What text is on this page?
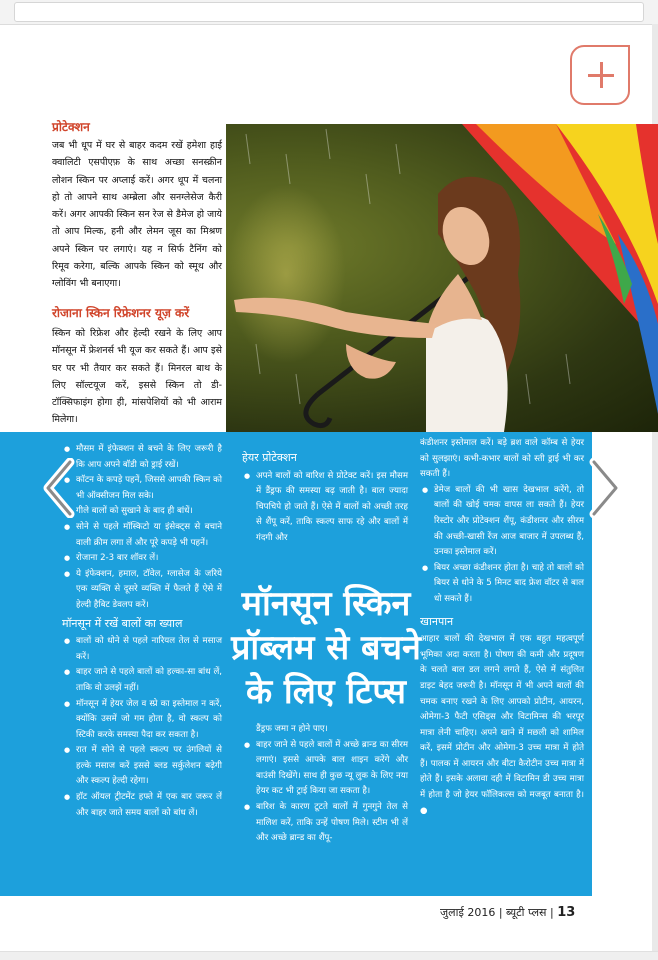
प्रोटेक्शन
जब भी धूप में घर से बाहर कदम रखें हमेशा हाई क्वालिटी एसपीएफ़ के साथ अच्छा सनस्क्रीन लोशन स्किन पर अप्लाई करें। अगर धूप में चलना हो तो आपने साथ अम्ब्रेला और सनग्लेसेज कैरी करें। अगर आपकी स्किन सन रेज से डैमेज हो जाये तो आप मिल्क, हनी और लेमन जूस का मिश्रण अपने स्किन पर लगाएं। यह न सिर्फ टैनिंग को रिमूव करेगा, बल्कि आपके स्किन को स्मूथ और ग्लोविंग भी बनाएगा।
रोजाना स्किन रिफ्रेशनर यूज़ करें
स्किन को रिफ्रेश और हेल्दी रखने के लिए आप मॉनसून में फ्रेशनर्स भी यूज कर सकते हैं। आप इसे घर पर भी तैयार कर सकते हैं। मिनरल बाथ के लिए सॉल्टयूज करें, इससे स्किन तो डी-टॉक्सिफाइंग होगा ही, मांसपेशियों को भी आराम मिलेगा।
● मौसम में इंफेक्शन से बचने के लिए जरूरी है कि आप अपने बॉडी को ड्राई रखें।
● कॉटन के कपड़े पहनें, जिससे आपकी स्किन को भी ऑक्सीजन मिल सके।
● गीले बालों को सुखाने के बाद ही बांधें।
● सोने से पहले मॉस्किटो या इंसेक्ट्स से बचाने वाली क्रीम लगा लें और पूरे कपड़े भी पहनें।
● रोजाना 2-3 बार शॉवर लें।
● ये इंफेक्शन, हमाल, टॉवेल, ग्लासेज के जरिये एक व्यक्ति से दूसरे व्यक्ति में फैलते हैं ऐसे में हेल्दी हैबिट डेवलप करें।
मॉनसून में रखें बालों का ख्याल
● बालों को धोने से पहले नारियल तेल से मसाज करें।
● बाहर जाने से पहले बालों को हल्का-सा बांध लें, ताकि वो उलझें नहीं।
● मॉनसून में हेयर जेल व स्प्रे का इस्तेमाल न करें, क्योंकि उसमें जो गम होता है, वो स्कल्प को स्टिकी करके समस्या पैदा कर सकता है।
● रात में सोने से पहले स्कल्प पर उंगलियों से हल्के मसाज करें इससे ब्लड सर्कुलेशन बढ़ेगी और स्कल्प हेल्दी रहेगा।
● हॉट ऑयल ट्रीटमेंट हफ्ते में एक बार जरूर लें और बाहर जाते समय बालों को बांध लें।
हेयर प्रोटेक्शन
● अपने बालों को बारिश से प्रोटेक्ट करें। इस मौसम में डैंड्रफ की समस्या बढ़ जाती है। बाल ज्यादा चिपचिपे हो जाते हैं। ऐसे में बालों को अच्छी तरह से शैंपू करें, ताकि स्कल्प साफ रहे और बालों में गंदगी और
मॉनसून स्किन प्रॉब्लम से बचने के लिए टिप्स

डैंड्रफ जमा न होने पाए।

● बाहर जाने से पहले बालों में अच्छे ब्रान्ड का सीरम लगाएं। इससे आपके बाल शाइन करेंगे और बाउंसी दिखेंगे। साथ ही कुछ न्यू लुक के लिए नया हेयर कट भी ट्राई किया जा सकता है।
● बारिश के कारण टूटते बालों में गुनगुने तेल से मालिश करें, ताकि उन्हें पोषण मिले। स्टीम भी लें और अच्छे ब्रान्ड का शैंपू-

कंडीशनर इस्तेमाल करें। बड़े ब्रश वाले कॉम्ब से हेयर को सुलझाएं। कभी-कभार बालों को स्ती ड्राई भी कर सकती हैं।

● डेमेज बालों की भी खास देखभाल करेंगे, तो बालों की खोई चमक वापस ला सकते हैं। हेयर रिस्टोर और प्रोटेक्शन शैंपू, कंडीशनर और सीरम की अच्छी-खासी रेंज आज बाजार में उपलब्ध हैं, उनका इस्तेमाल करें।
● बियर अच्छा कंडीशनर होता है। चाहे तो बालों को बियर से धोने के 5 मिनट बाद फ्रेश वॉटर से बाल धो सकते हैं।
खानपान

आहार बालों की देखभाल में एक बहुत महत्वपूर्ण भूमिका अदा करता है। पोषण की कमी और प्रदूषण के चलते बाल डल लगने लगते हैं, ऐसे में संतुलित डाइट बेहद जरूरी है। मॉनसून में भी अपने बालों की चमक बनाए रखने के लिए आपको प्रोटीन, आयरन, ओमेगा-3 फैटी एसिड्स और विटामिन्स की भरपूर मात्रा लेनी चाहिए। अपने खाने में मछली को शामिल करें, इसमें प्रोटीन और ओमेगा-3 उच्च मात्रा में होते हैं। पालक में आयरन और बीटा कैरोटीन उच्च मात्रा में होते हैं। इसके अलावा दही में विटामिन डी उच्च मात्रा में होता है जो हेयर फॉलिकल्स को मजबूत बनाता है। ●

जुलाई 2016 | ब्यूटी प्लस | 13
